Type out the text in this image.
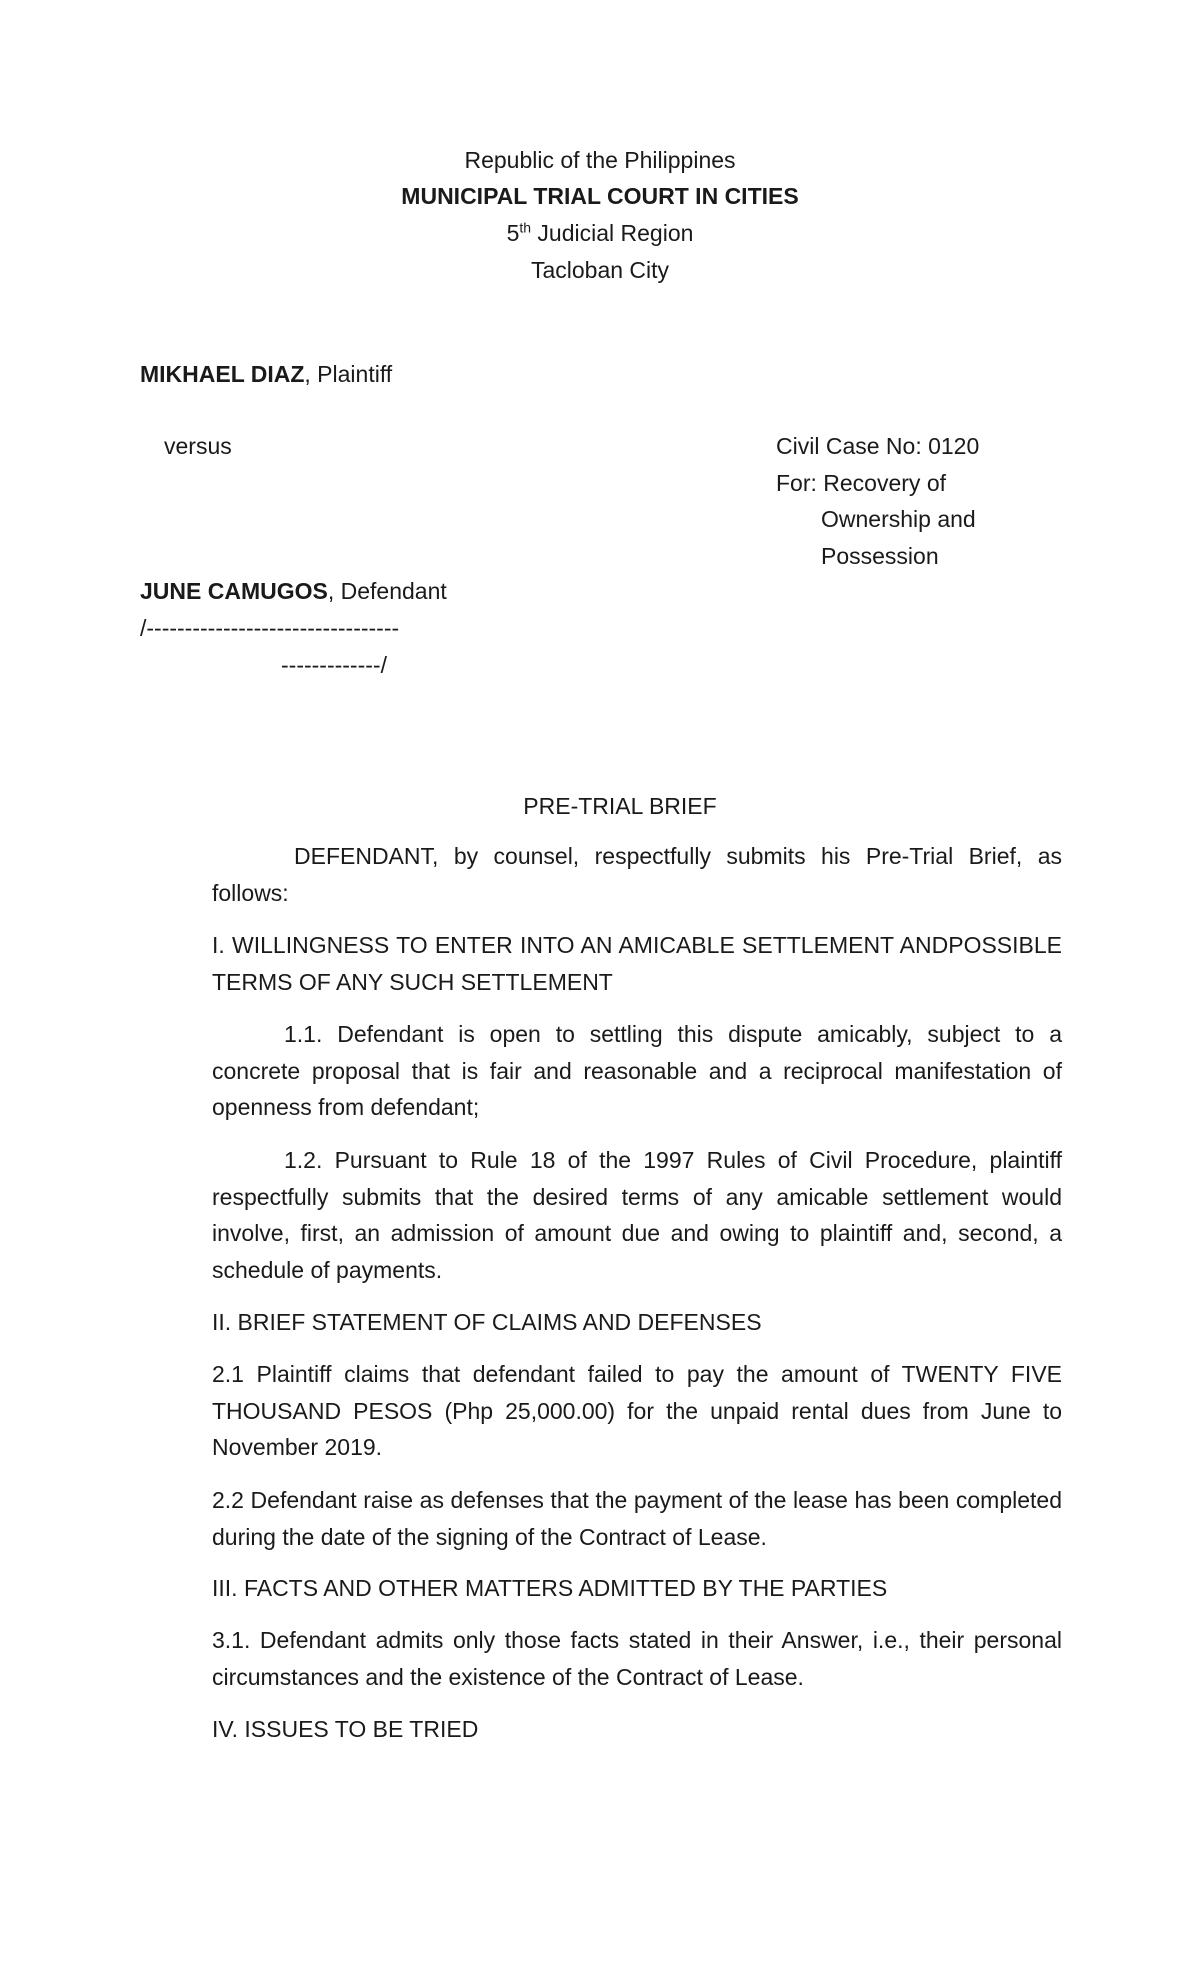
Republic of the Philippines
MUNICIPAL TRIAL COURT IN CITIES
5th Judicial Region
Tacloban City
MIKHAEL DIAZ, Plaintiff
versus	Civil Case No: 0120
For: Recovery of
Ownership and
Possession
JUNE CAMUGOS, Defendant
/---------------------------------
-------------/
PRE-TRIAL BRIEF
DEFENDANT, by counsel, respectfully submits his Pre-Trial Brief, as follows:
I. WILLINGNESS TO ENTER INTO AN AMICABLE SETTLEMENT ANDPOSSIBLE TERMS OF ANY SUCH SETTLEMENT
1.1. Defendant is open to settling this dispute amicably, subject to a concrete proposal that is fair and reasonable and a reciprocal manifestation of openness from defendant;
1.2. Pursuant to Rule 18 of the 1997 Rules of Civil Procedure, plaintiff respectfully submits that the desired terms of any amicable settlement would involve, first, an admission of amount due and owing to plaintiff and, second, a schedule of payments.
II. BRIEF STATEMENT OF CLAIMS AND DEFENSES
2.1 Plaintiff claims that defendant failed to pay the amount of TWENTY FIVE THOUSAND PESOS (Php 25,000.00) for the unpaid rental dues from June to November 2019.
2.2 Defendant raise as defenses that the payment of the lease has been completed during the date of the signing of the Contract of Lease.
III. FACTS AND OTHER MATTERS ADMITTED BY THE PARTIES
3.1. Defendant admits only those facts stated in their Answer, i.e., their personal circumstances and the existence of the Contract of Lease.
IV. ISSUES TO BE TRIED
